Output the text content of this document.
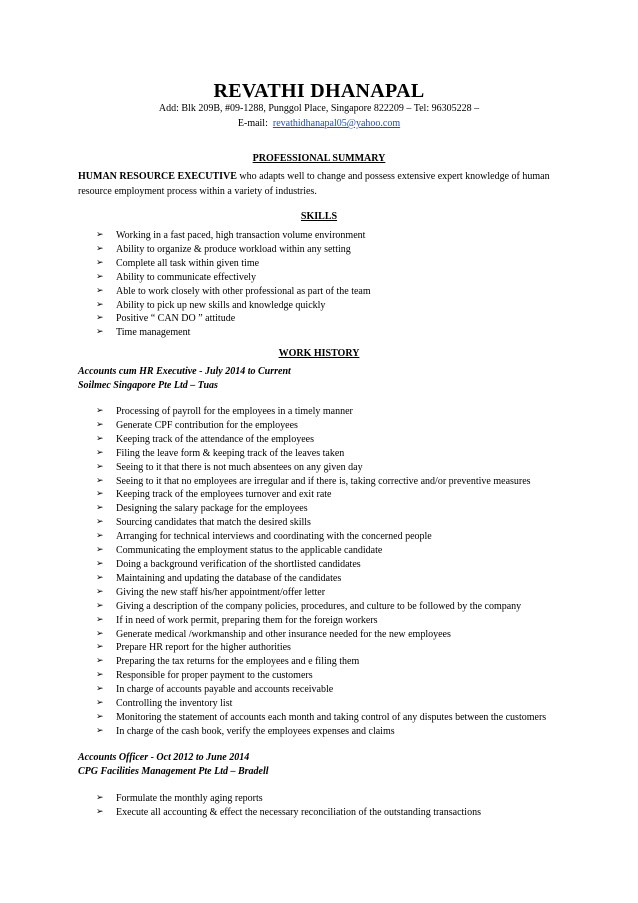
REVATHI DHANAPAL
Add: Blk 209B, #09-1288, Punggol Place, Singapore 822209 – Tel: 96305228 –
E-mail: revathidhanapal05@yahoo.com
PROFESSIONAL SUMMARY
HUMAN RESOURCE EXECUTIVE who adapts well to change and possess extensive expert knowledge of human resource employment process within a variety of industries.
SKILLS
➢ Working in a fast paced, high transaction volume environment
➢ Ability to organize & produce workload within any setting
➢ Complete all task within given time
➢ Ability to communicate effectively
➢ Able to work closely with other professional as part of the team
➢ Ability to pick up new skills and knowledge quickly
➢ Positive “ CAN DO ” attitude
➢ Time management
WORK HISTORY
Accounts cum HR Executive - July 2014 to Current
Soilmec Singapore Pte Ltd – Tuas
➢ Processing of payroll for the employees in a timely manner
➢ Generate CPF contribution for the employees
➢ Keeping track of the attendance of the employees
➢ Filing the leave form & keeping track of the leaves taken
➢ Seeing to it that there is not much absentees on any given day
➢ Seeing to it that no employees are irregular and if there is, taking corrective and/or preventive measures
➢ Keeping track of the employees turnover and exit rate
➢ Designing the salary package for the employees
➢ Sourcing candidates that match the desired skills
➢ Arranging for technical interviews and coordinating with the concerned people
➢ Communicating the employment status to the applicable candidate
➢ Doing a background verification of the shortlisted candidates
➢ Maintaining and updating the database of the candidates
➢ Giving the new staff his/her appointment/offer letter
➢ Giving a description of the company policies, procedures, and culture to be followed by the company
➢ If in need of work permit, preparing them for the foreign workers
➢ Generate medical /workmanship and other insurance needed for the new employees
➢ Prepare HR report for the higher authorities
➢ Preparing the tax returns for the employees and e filing them
➢ Responsible for proper payment to the customers
➢ In charge of accounts payable and accounts receivable
➢ Controlling the inventory list
➢ Monitoring the statement of accounts each month and taking control of any disputes between the customers
➢ In charge of the cash book, verify the employees expenses and claims
Accounts Officer - Oct 2012 to June 2014
CPG Facilities Management Pte Ltd – Bradell
➢ Formulate the monthly aging reports
➢ Execute all accounting & effect the necessary reconciliation of the outstanding transactions
